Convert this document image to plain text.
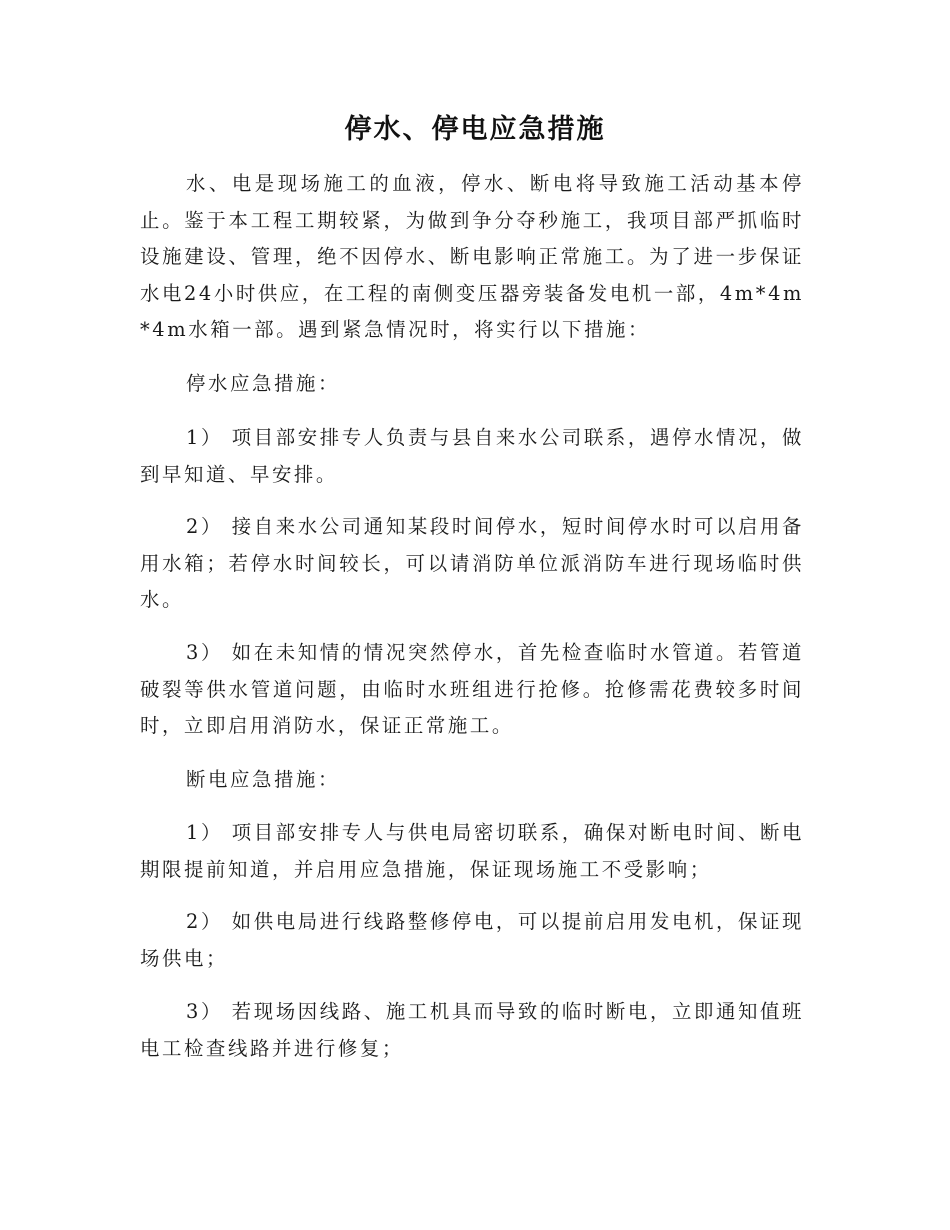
停水、停电应急措施

水、电是现场施工的血液，停水、断电将导致施工活动基本停止。鉴于本工程工期较紧，为做到争分夺秒施工，我项目部严抓临时设施建设、管理，绝不因停水、断电影响正常施工。为了进一步保证水电24小时供应，在工程的南侧变压器旁装备发电机一部，4m*4m*4m水箱一部。遇到紧急情况时，将实行以下措施：

停水应急措施：

1） 项目部安排专人负责与县自来水公司联系，遇停水情况，做到早知道、早安排。

2） 接自来水公司通知某段时间停水，短时间停水时可以启用备用水箱；若停水时间较长，可以请消防单位派消防车进行现场临时供水。

3） 如在未知情的情况突然停水，首先检查临时水管道。若管道破裂等供水管道问题，由临时水班组进行抢修。抢修需花费较多时间时，立即启用消防水，保证正常施工。

断电应急措施：

1） 项目部安排专人与供电局密切联系，确保对断电时间、断电期限提前知道，并启用应急措施，保证现场施工不受影响；

2） 如供电局进行线路整修停电，可以提前启用发电机，保证现场供电；

3） 若现场因线路、施工机具而导致的临时断电，立即通知值班电工检查线路并进行修复；
